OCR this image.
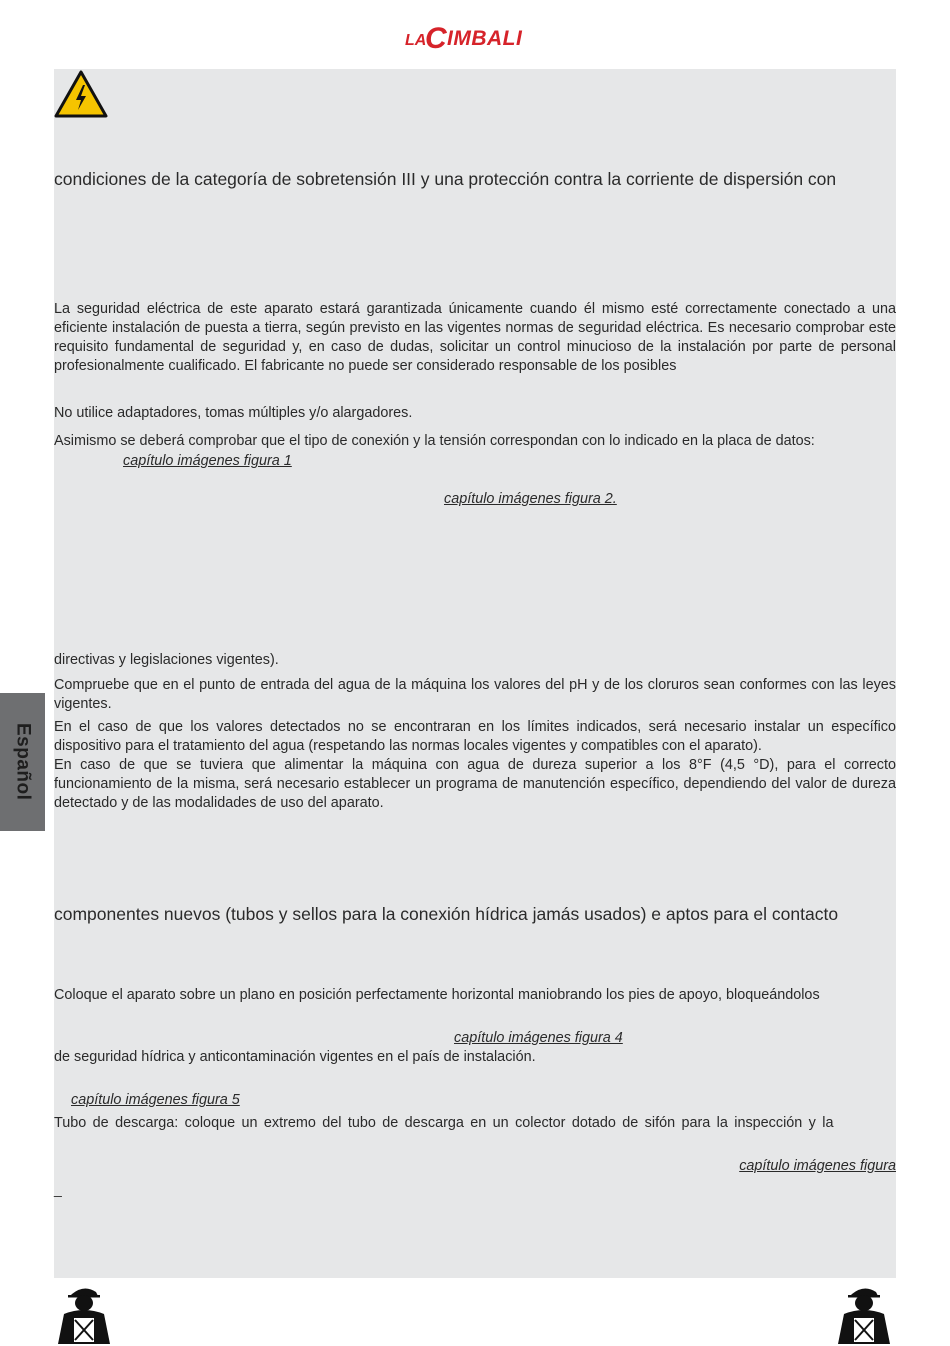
LA
C IMBALI

condiciones de la categoría de sobretensión III y una protección contra la corriente de dispersión con

La seguridad eléctrica de este aparato estará garantizada únicamente cuando él mismo esté correctamente conectado a una eficiente instalación de puesta a tierra, según previsto en las vigentes normas de seguridad eléctrica. Es necesario comprobar este requisito fundamental de seguridad y, en caso de dudas, solicitar un control minucioso de la instalación por parte de personal profesionalmente cualificado. El fabricante no puede ser considerado responsable de los posibles

No utilice adaptadores, tomas múltiples y/o alargadores.

Asimismo se deberá comprobar que el tipo de conexión y la tensión correspondan con lo indicado en la placa de datos:

capítulo imágenes figura 1
capítulo imágenes figura 2.

directivas y legislaciones vigentes).

Compruebe que en el punto de entrada del agua de la máquina los valores del pH y de los cloruros sean conformes con las leyes vigentes.

En el caso de que los valores detectados no se encontraran en los límites indicados, será necesario instalar un específico dispositivo para el tratamiento del agua (respetando las normas locales vigentes y compatibles con el aparato).

En caso de que se tuviera que alimentar la máquina con agua de dureza superior a los 8°F (4,5 °D), para el correcto funcionamiento de la misma, será necesario establecer un programa de manutención específico, dependiendo del valor de dureza detectado y de las modalidades de uso del aparato.

componentes nuevos (tubos y sellos para la conexión hídrica jamás usados) e aptos para el contacto

Coloque el aparato sobre un plano en posición perfectamente horizontal maniobrando los pies de apoyo, bloqueándolos

capítulo imágenes figura 4

de seguridad hídrica y anticontaminación vigentes en el país de instalación.

capítulo imágenes figura 5

Tubo de descarga: coloque un extremo del tubo de descarga en un colector dotado de sifón para la inspección y la

capítulo imágenes figura
_
Español
